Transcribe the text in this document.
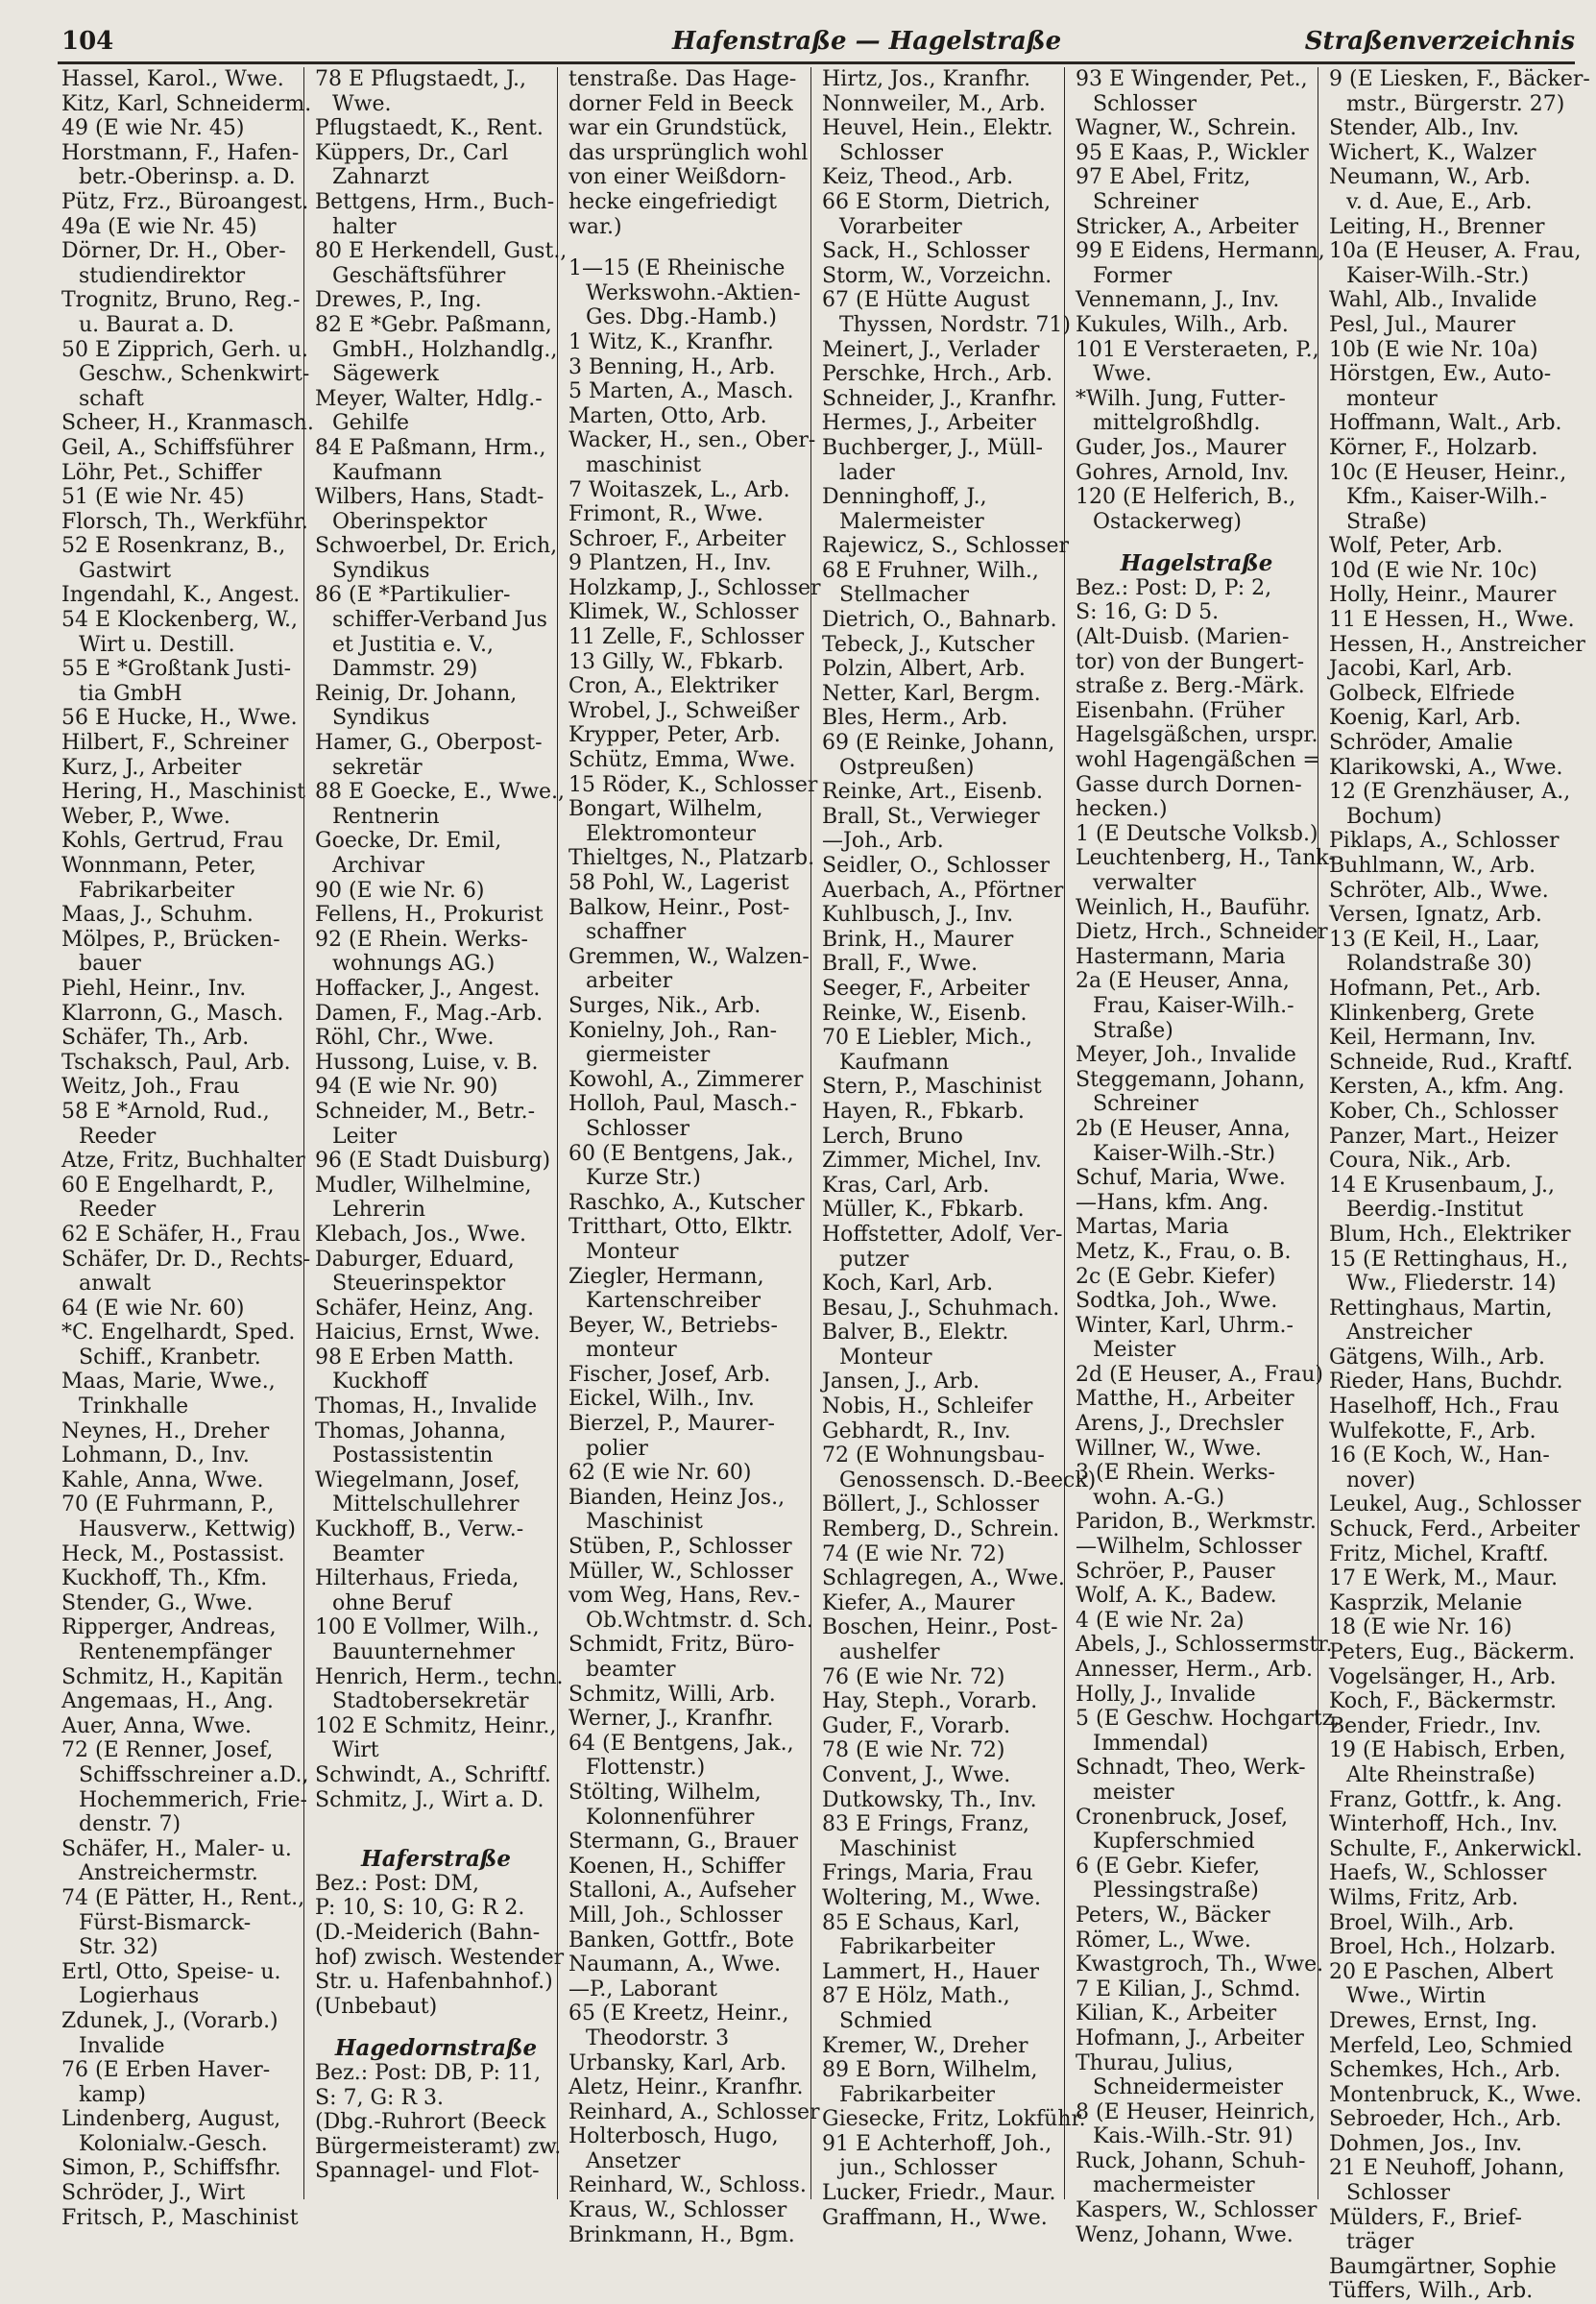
104	Hafenstraße — Hagelstraße	Straßenverzeichnis
Hassel, Karol., Wwe.
Kitz, Karl, Schneiderm.
49 (E wie Nr. 45)
Horstmann, F., Hafen-
betr.-Oberinsp. a. D.
Pütz, Frz., Büroangest.
49a (E wie Nr. 45)
Dörner, Dr. H., Ober-
studiendirektor
Trognitz, Bruno, Reg.-
u. Baurat a. D.
50 E Zipprich, Gerh. u.
Geschw., Schenkwirt-
schaft
Scheer, H., Kranmasch.
Geil, A., Schiffsführer
Löhr, Pet., Schiffer
51 (E wie Nr. 45)
Florsch, Th., Werkführ.
52 E Rosenkranz, B.,
Gastwirt
Ingendahl, K., Angest.
54 E Klockenberg, W.,
Wirt u. Destill.
55 E *Großtank Justi-
tia GmbH
56 E Hucke, H., Wwe.
Hilbert, F., Schreiner
Kurz, J., Arbeiter
Hering, H., Maschinist
Weber, P., Wwe.
Kohls, Gertrud, Frau
Wonnmann, Peter,
Fabrikarbeiter
Maas, J., Schuhm.
Mölpes, P., Brücken-
bauer
Piehl, Heinr., Inv.
Klarronn, G., Masch.
Schäfer, Th., Arb.
Tschaksch, Paul, Arb.
Weitz, Joh., Frau
58 E *Arnold, Rud.,
Reeder
Atze, Fritz, Buchhalter
60 E Engelhardt, P.,
Reeder
62 E Schäfer, H., Frau
Schäfer, Dr. D., Rechts-
anwalt
64 (E wie Nr. 60)
*C. Engelhardt, Sped.
Schiff., Kranbetr.
Maas, Marie, Wwe.,
Trinkhalle
Neynes, H., Dreher
Lohmann, D., Inv.
Kahle, Anna, Wwe.
70 (E Fuhrmann, P.,
Hausverw., Kettwig)
Heck, M., Postassist.
Kuckhoff, Th., Kfm.
Stender, G., Wwe.
Ripperger, Andreas,
Rentenempfänger
Schmitz, H., Kapitän
Angemaas, H., Ang.
Auer, Anna, Wwe.
72 (E Renner, Josef,
Schiffsschreiner a.D.,
Hochemmerich, Frie-
denstr. 7)
Schäfer, H., Maler- u.
Anstreichermstr.
74 (E Pätter, H., Rent.,
Fürst-Bismarck-
Str. 32)
Ertl, Otto, Speise- u.
Logierhaus
Zdunek, J., (Vorarb.)
Invalide
76 (E Erben Haver-
kamp)
Lindenberg, August,
Kolonialw.-Gesch.
Simon, P., Schiffsfhr.
Schröder, J., Wirt
Fritsch, P., Maschinist
78 E Pflugstaedt, J.,
Wwe.
Pflugstaedt, K., Rent.
Küppers, Dr., Carl
Zahnarzt
Bettgens, Hrm., Buch-
halter
80 E Herkendell, Gust.,
Geschäftsführer
Drewes, P., Ing.
82 E *Gebr. Paßmann,
GmbH., Holzhandlg.,
Sägewerk
Meyer, Walter, Hdlg.-
Gehilfe
84 E Paßmann, Hrm.,
Kaufmann
Wilbers, Hans, Stadt-
Oberinspektor
Schwoerbel, Dr. Erich,
Syndikus
86 (E *Partikulier-
schiffer-Verband Jus
et Justitia e. V.,
Dammstr. 29)
Reinig, Dr. Johann,
Syndikus
Hamer, G., Oberpost-
sekretär
88 E Goecke, E., Wwe.,
Rentnerin
Goecke, Dr. Emil,
Archivar
90 (E wie Nr. 6)
Fellens, H., Prokurist
92 (E Rhein. Werks-
wohnungs AG.)
Hoffacker, J., Angest.
Damen, F., Mag.-Arb.
Röhl, Chr., Wwe.
Hussong, Luise, v. B.
94 (E wie Nr. 90)
Schneider, M., Betr.-
Leiter
96 (E Stadt Duisburg)
Mudler, Wilhelmine,
Lehrerin
Klebach, Jos., Wwe.
Daburger, Eduard,
Steuerinspektor
Schäfer, Heinz, Ang.
Haicius, Ernst, Wwe.
98 E Erben Matth.
Kuckhoff
Thomas, H., Invalide
Thomas, Johanna,
Postassistentin
Wiegelmann, Josef,
Mittelschullehrer
Kuckhoff, B., Verw.-
Beamter
Hilterhaus, Frieda,
ohne Beruf
100 E Vollmer, Wilh.,
Bauunternehmer
Henrich, Herm., techn.
Stadtobersekretär
102 E Schmitz, Heinr.,
Wirt
Schwindt, A., Schriftf.
Schmitz, J., Wirt a. D.
Haferstraße
Bez.: Post: DM,
P: 10, S: 10, G: R 2.
(D.-Meiderich (Bahn-
hof) zwisch. Westender
Str. u. Hafenbahnhof.)
(Unbebaut)
Hagedornstraße
Bez.: Post: DB, P: 11,
S: 7, G: R 3.
(Dbg.-Ruhrort (Beeck
Bürgermeisteramt) zw.
Spannagel- und Flot-
tenstraße. Das Hage-
dorner Feld in Beeck
war ein Grundstück,
das ursprünglich wohl
von einer Weißdorn-
hecke eingefriedigt
war.)
1—15 (E Rheinische
Werkswohn.-Aktien-
Ges. Dbg.-Hamb.)
1 Witz, K., Kranfhr.
3 Benning, H., Arb.
5 Marten, A., Masch.
Marten, Otto, Arb.
Wacker, H., sen., Ober-
maschinist
7 Woitaszek, L., Arb.
Frimont, R., Wwe.
Schroer, F., Arbeiter
9 Plantzen, H., Inv.
Holzkamp, J., Schlosser
Klimek, W., Schlosser
11 Zelle, F., Schlosser
13 Gilly, W., Fbkarb.
Cron, A., Elektriker
Wrobel, J., Schweißer
Krypper, Peter, Arb.
Schütz, Emma, Wwe.
15 Röder, K., Schlosser
Bongart, Wilhelm,
Elektromonteur
Thieltges, N., Platzarb.
58 Pohl, W., Lagerist
Balkow, Heinr., Post-
schaffner
Gremmen, W., Walzen-
arbeiter
Surges, Nik., Arb.
Konielny, Joh., Ran-
giermeister
Kowohl, A., Zimmerer
Holloh, Paul, Masch.-
Schlosser
60 (E Bentgens, Jak.,
Kurze Str.)
Raschko, A., Kutscher
Tritthart, Otto, Elktr.
Monteur
Ziegler, Hermann,
Kartenschreiber
Beyer, W., Betriebs-
monteur
Fischer, Josef, Arb.
Eickel, Wilh., Inv.
Bierzel, P., Maurer-
polier
62 (E wie Nr. 60)
Bianden, Heinz Jos.,
Maschinist
Stüben, P., Schlosser
Müller, W., Schlosser
vom Weg, Hans, Rev.-
Ob.Wchtmstr. d. Sch.
Schmidt, Fritz, Büro-
beamter
Schmitz, Willi, Arb.
Werner, J., Kranfhr.
64 (E Bentgens, Jak.,
Flottenstr.)
Stölting, Wilhelm,
Kolonnenführer
Stermann, G., Brauer
Koenen, H., Schiffer
Stalloni, A., Aufseher
Mill, Joh., Schlosser
Banken, Gottfr., Bote
Naumann, A., Wwe.
—P., Laborant
65 (E Kreetz, Heinr.,
Theodorstr. 3
Urbansky, Karl, Arb.
Aletz, Heinr., Kranfhr.
Reinhard, A., Schlosser
Holterbosch, Hugo,
Ansetzer
Reinhard, W., Schloss.
Kraus, W., Schlosser
Brinkmann, H., Bgm.
Hirtz, Jos., Kranfhr.
Nonnweiler, M., Arb.
Heuvel, Hein., Elektr.
Schlosser
Keiz, Theod., Arb.
66 E Storm, Dietrich,
Vorarbeiter
Sack, H., Schlosser
Storm, W., Vorzeichn.
67 (E Hütte August
Thyssen, Nordstr. 71)
Meinert, J., Verlader
Perschke, Hrch., Arb.
Schneider, J., Kranfhr.
Hermes, J., Arbeiter
Buchberger, J., Müll-
lader
Denninghoff, J.,
Malermeister
Rajewicz, S., Schlosser
68 E Fruhner, Wilh.,
Stellmacher
Dietrich, O., Bahnarb.
Tebeck, J., Kutscher
Polzin, Albert, Arb.
Netter, Karl, Bergm.
Bles, Herm., Arb.
69 (E Reinke, Johann,
Ostpreußen)
Reinke, Art., Eisenb.
Brall, St., Verwieger
—Joh., Arb.
Seidler, O., Schlosser
Auerbach, A., Pförtner
Kuhlbusch, J., Inv.
Brink, H., Maurer
Brall, F., Wwe.
Seeger, F., Arbeiter
Reinke, W., Eisenb.
70 E Liebler, Mich.,
Kaufmann
Stern, P., Maschinist
Hayen, R., Fbkarb.
Lerch, Bruno
Zimmer, Michel, Inv.
Kras, Carl, Arb.
Müller, K., Fbkarb.
Hoffstetter, Adolf, Ver-
putzer
Koch, Karl, Arb.
Besau, J., Schuhmach.
Balver, B., Elektr.
Monteur
Jansen, J., Arb.
Nobis, H., Schleifer
Gebhardt, R., Inv.
72 (E Wohnungsbau-
Genossensch. D.-Beeck)
Böllert, J., Schlosser
Remberg, D., Schrein.
74 (E wie Nr. 72)
Schlagregen, A., Wwe.
Kiefer, A., Maurer
Boschen, Heinr., Post-
aushelfer
76 (E wie Nr. 72)
Hay, Steph., Vorarb.
Guder, F., Vorarb.
78 (E wie Nr. 72)
Convent, J., Wwe.
Dutkowsky, Th., Inv.
83 E Frings, Franz,
Maschinist
Frings, Maria, Frau
Woltering, M., Wwe.
85 E Schaus, Karl,
Fabrikarbeiter
Lammert, H., Hauer
87 E Hölz, Math.,
Schmied
Kremer, W., Dreher
89 E Born, Wilhelm,
Fabrikarbeiter
Giesecke, Fritz, Lokführ.
91 E Achterhoff, Joh.,
jun., Schlosser
Lucker, Friedr., Maur.
Graffmann, H., Wwe.
93 E Wingender, Pet.,
Schlosser
Wagner, W., Schrein.
95 E Kaas, P., Wickler
97 E Abel, Fritz,
Schreiner
Stricker, A., Arbeiter
99 E Eidens, Hermann,
Former
Vennemann, J., Inv.
Kukules, Wilh., Arb.
101 E Versteraeten, P.,
Wwe.
*Wilh. Jung, Futter-
mittelgroßhdlg.
Guder, Jos., Maurer
Gohres, Arnold, Inv.
120 (E Helferich, B.,
Ostackerweg)
Hagelstraße
Bez.: Post: D, P: 2,
S: 16, G: D 5.
(Alt-Duisb. (Marien-
tor) von der Bungert-
straße z. Berg.-Märk.
Eisenbahn. (Früher
Hagelsgäßchen, urspr.
wohl Hagengäßchen =
Gasse durch Dornen-
hecken.)
1 (E Deutsche Volksb.)
Leuchtenberg, H., Tank-
verwalter
Weinlich, H., Bauführ.
Dietz, Hrch., Schneider
Hastermann, Maria
2a (E Heuser, Anna,
Frau, Kaiser-Wilh.-
Straße)
Meyer, Joh., Invalide
Steggemann, Johann,
Schreiner
2b (E Heuser, Anna,
Kaiser-Wilh.-Str.)
Schuf, Maria, Wwe.
—Hans, kfm. Ang.
Martas, Maria
Metz, K., Frau, o. B.
2c (E Gebr. Kiefer)
Sodtka, Joh., Wwe.
Winter, Karl, Uhrm.-
Meister
2d (E Heuser, A., Frau)
Matthe, H., Arbeiter
Arens, J., Drechsler
Willner, W., Wwe.
3 (E Rhein. Werks-
wohn. A.-G.)
Paridon, B., Werkmstr.
—Wilhelm, Schlosser
Schröer, P., Pauser
Wolf, A. K., Badew.
4 (E wie Nr. 2a)
Abels, J., Schlossermstr.
Annesser, Herm., Arb.
Holly, J., Invalide
5 (E Geschw. Hochgartz,
Immendal)
Schnadt, Theo, Werk-
meister
Cronenbruck, Josef,
Kupferschmied
6 (E Gebr. Kiefer,
Plessingstraße)
Peters, W., Bäcker
Römer, L., Wwe.
Kwastgroch, Th., Wwe.
7 E Kilian, J., Schmd.
Kilian, K., Arbeiter
Hofmann, J., Arbeiter
Thurau, Julius,
Schneidermeister
8 (E Heuser, Heinrich,
Kais.-Wilh.-Str. 91)
Ruck, Johann, Schuh-
machermeister
Kaspers, W., Schlosser
Wenz, Johann, Wwe.
9 (E Liesken, F., Bäcker-
mstr., Bürgerstr. 27)
Stender, Alb., Inv.
Wichert, K., Walzer
Neumann, W., Arb.
v. d. Aue, E., Arb.
Leiting, H., Brenner
10a (E Heuser, A. Frau,
Kaiser-Wilh.-Str.)
Wahl, Alb., Invalide
Pesl, Jul., Maurer
10b (E wie Nr. 10a)
Hörstgen, Ew., Auto-
monteur
Hoffmann, Walt., Arb.
Körner, F., Holzarb.
10c (E Heuser, Heinr.,
Kfm., Kaiser-Wilh.-
Straße)
Wolf, Peter, Arb.
10d (E wie Nr. 10c)
Holly, Heinr., Maurer
11 E Hessen, H., Wwe.
Hessen, H., Anstreicher
Jacobi, Karl, Arb.
Golbeck, Elfriede
Koenig, Karl, Arb.
Schröder, Amalie
Klarikowski, A., Wwe.
12 (E Grenzhäuser, A.,
Bochum)
Piklaps, A., Schlosser
Buhlmann, W., Arb.
Schröter, Alb., Wwe.
Versen, Ignatz, Arb.
13 (E Keil, H., Laar,
Rolandstraße 30)
Hofmann, Pet., Arb.
Klinkenberg, Grete
Keil, Hermann, Inv.
Schneide, Rud., Kraftf.
Kersten, A., kfm. Ang.
Kober, Ch., Schlosser
Panzer, Mart., Heizer
Coura, Nik., Arb.
14 E Krusenbaum, J.,
Beerdig.-Institut
Blum, Hch., Elektriker
15 (E Rettinghaus, H.,
Ww., Fliederstr. 14)
Rettinghaus, Martin,
Anstreicher
Gätgens, Wilh., Arb.
Rieder, Hans, Buchdr.
Haselhoff, Hch., Frau
Wulfekotte, F., Arb.
16 (E Koch, W., Han-
nover)
Leukel, Aug., Schlosser
Schuck, Ferd., Arbeiter
Fritz, Michel, Kraftf.
17 E Werk, M., Maur.
Kasprzik, Melanie
18 (E wie Nr. 16)
Peters, Eug., Bäckerm.
Vogelsänger, H., Arb.
Koch, F., Bäckermstr.
Bender, Friedr., Inv.
19 (E Habisch, Erben,
Alte Rheinstraße)
Franz, Gottfr., k. Ang.
Winterhoff, Hch., Inv.
Schulte, F., Ankerwickl.
Haefs, W., Schlosser
Wilms, Fritz, Arb.
Broel, Wilh., Arb.
Broel, Hch., Holzarb.
20 E Paschen, Albert
Wwe., Wirtin
Drewes, Ernst, Ing.
Merfeld, Leo, Schmied
Schemkes, Hch., Arb.
Montenbruck, K., Wwe.
Sebroeder, Hch., Arb.
Dohmen, Jos., Inv.
21 E Neuhoff, Johann,
Schlosser
Mülders, F., Brief-
träger
Baumgärtner, Sophie
Tüffers, Wilh., Arb.
